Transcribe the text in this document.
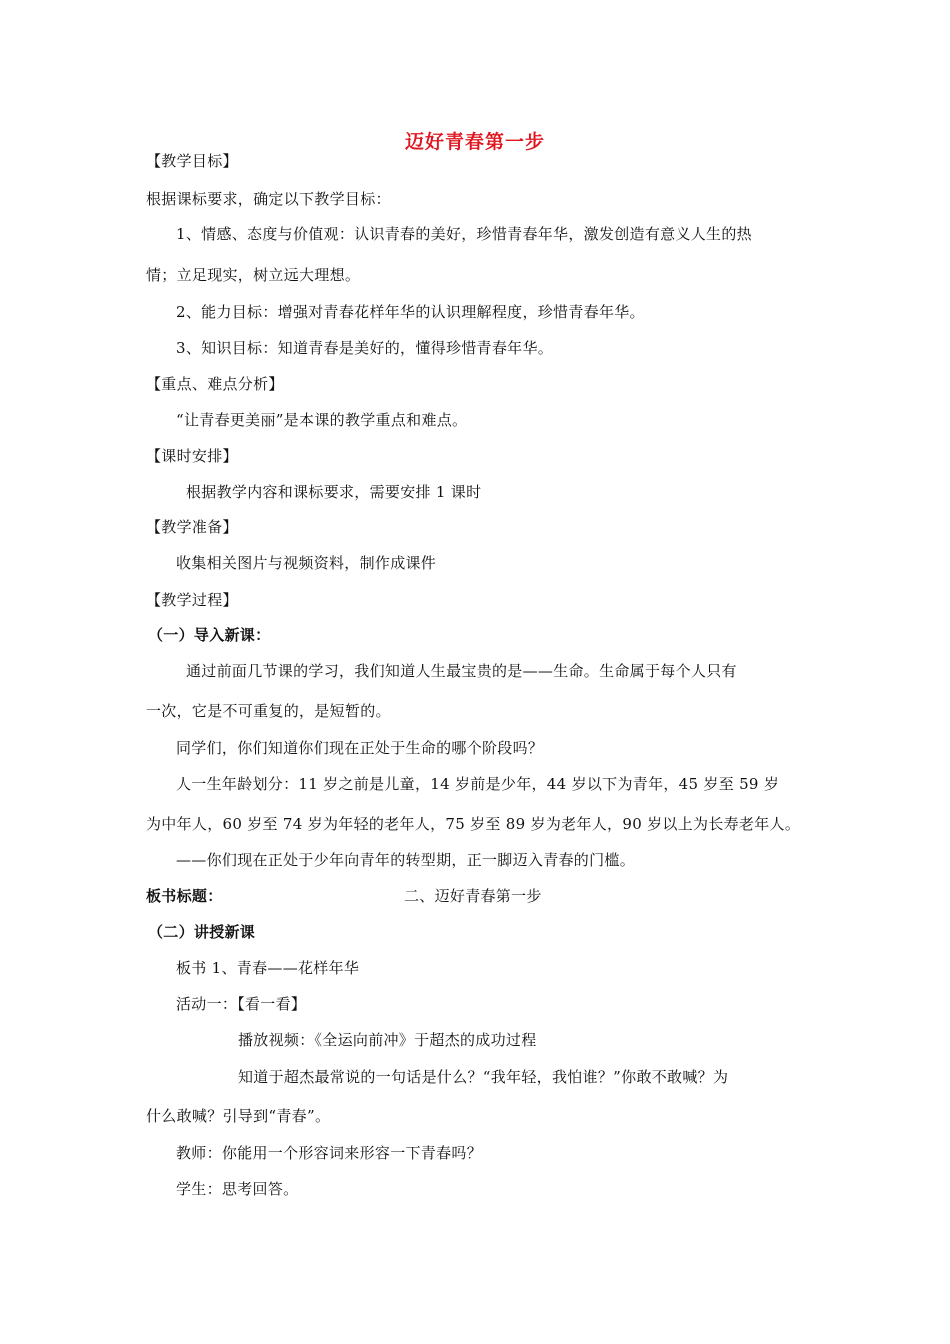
迈好青春第一步
【教学目标】
根据课标要求，确定以下教学目标：
1、情感、态度与价值观：认识青春的美好，珍惜青春年华，激发创造有意义人生的热
情；立足现实，树立远大理想。
2、能力目标：增强对青春花样年华的认识理解程度，珍惜青春年华。
3、知识目标：知道青春是美好的，懂得珍惜青春年华。
【重点、难点分析】
“让青春更美丽”是本课的教学重点和难点。
【课时安排】
根据教学内容和课标要求，需要安排 1 课时
【教学准备】
收集相关图片与视频资料，制作成课件
【教学过程】
（一）导入新课：
通过前面几节课的学习，我们知道人生最宝贵的是——生命。生命属于每个人只有
一次，它是不可重复的，是短暂的。
同学们，你们知道你们现在正处于生命的哪个阶段吗？
人一生年龄划分：11 岁之前是儿童，14 岁前是少年，44 岁以下为青年，45 岁至 59 岁
为中年人，60 岁至 74 岁为年轻的老年人，75 岁至 89 岁为老年人，90 岁以上为长寿老年人。
——你们现在正处于少年向青年的转型期，正一脚迈入青春的门槛。
板书标题：	二、迈好青春第一步
（二）讲授新课
板书 1、青春——花样年华
活动一：【看一看】
播放视频：《全运向前冲》于超杰的成功过程
知道于超杰最常说的一句话是什么？“我年轻，我怕谁？”你敢不敢喊？为
什么敢喊？引导到“青春”。
教师：你能用一个形容词来形容一下青春吗？
学生：思考回答。
